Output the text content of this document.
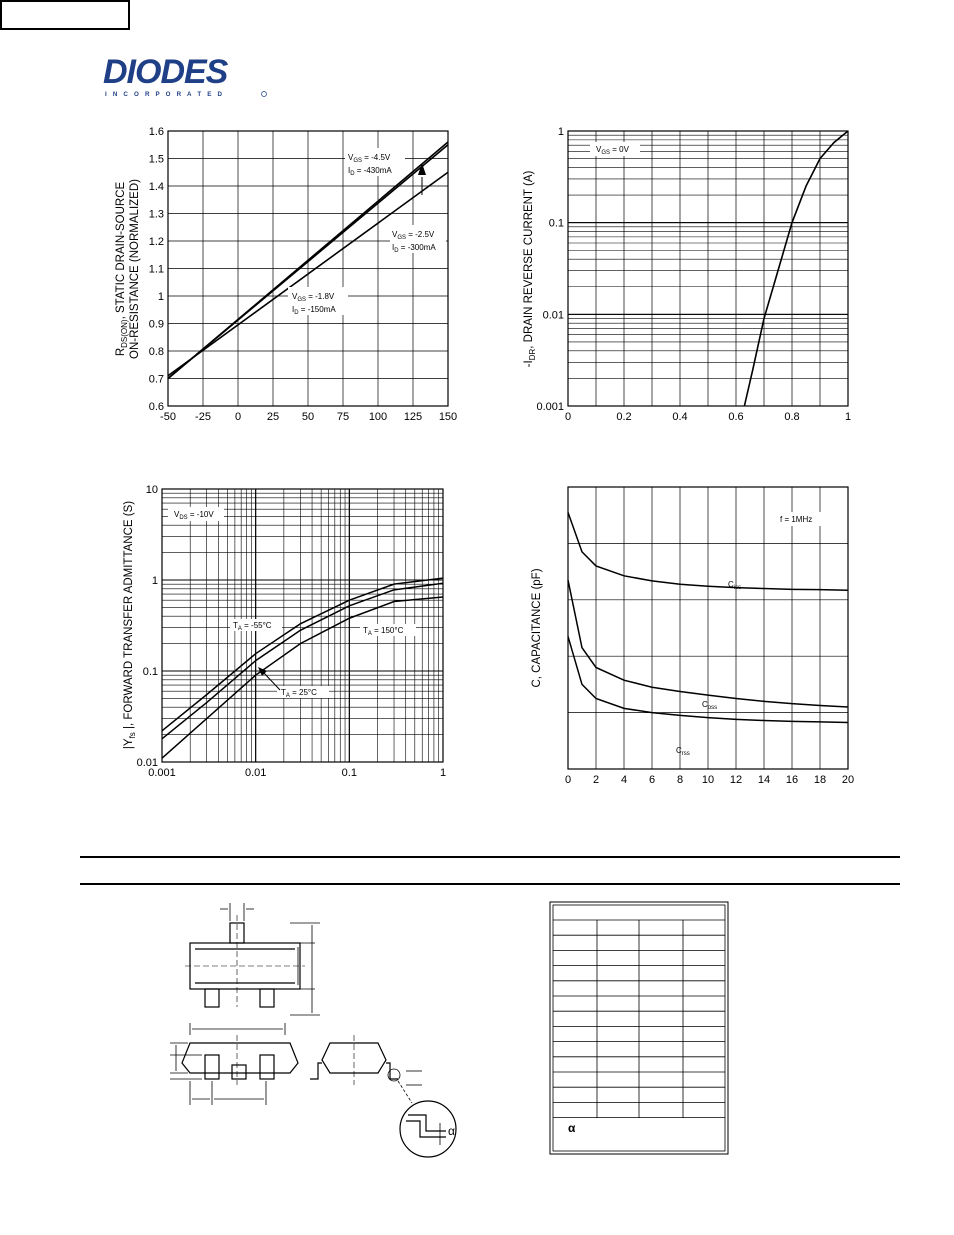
DIODES
I N C O R P O R A T E D
-50 -25 0 25 50 75 100 125 150
0.6
0.7
0.8
0.9
1
1.1
1.2
1.3
1.4
1.5
1.6
$R_{DS(ON)}$, STATIC DRAIN-SOURCE ON-RESISTANCE (NORMALIZED)
$V_{GS} = -4.5V$
$I_D = -430mA$
$V_{GS} = -2.5V$
$I_D = -300mA$
$V_{GS} = -1.8V$
$I_D = -150mA$
0	0.2	0.4	0.6	0.8	1
0.001
0.01
0.1
1
$-I_{DR}$, DRAIN REVERSE CURRENT (A)
$V_{GS} = 0V$
0.001	0.01	0.1	1
0.01
0.1
1
10
$|Y_{fs}$ |, FORWARD TRANSFER ADMITTANCE (S)	$V_{DS} = -10V$
$T_A = -55^\circ C$
$T_A = 25^\circ C$
$T_A = 150^\circ C$
0 2 4 6 8 10 12 14 16 18 20
C, CAPACITANCE (pF)
f = 1MHz
$C_{iss}$
$C_{oss}$
$C_{rss}$
α	α
